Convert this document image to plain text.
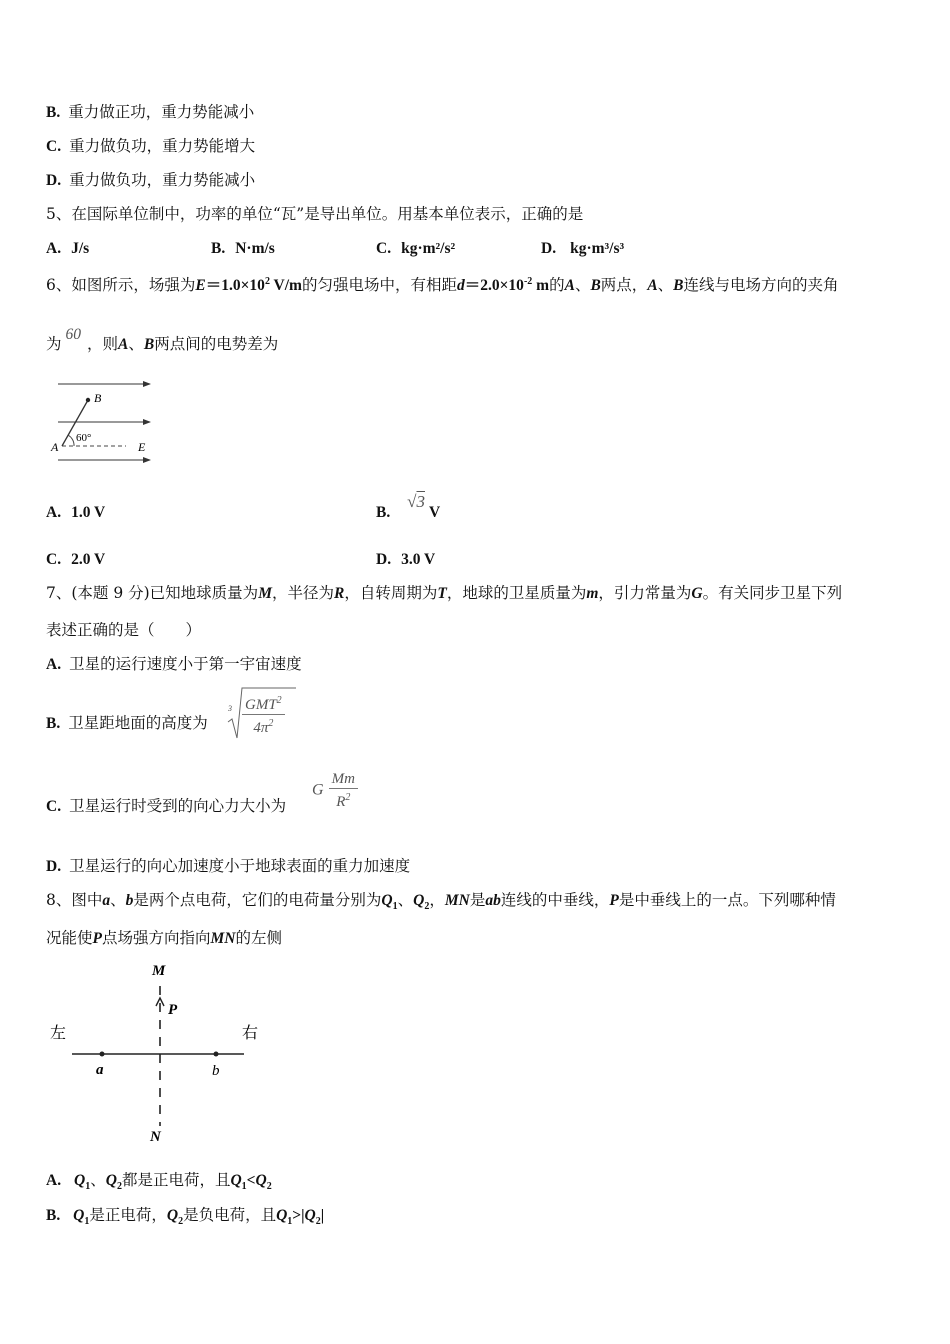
B. 重力做正功，重力势能减小
C. 重力做负功，重力势能增大
D. 重力做负功，重力势能减小
5、在国际单位制中，功率的单位“瓦”是导出单位。用基本单位表示，正确的是
A. J/s	B. N·m/s	C. kg·m²/s²	D. kg·m³/s³
6、如图所示，场强为$E=1.0\times 10^2$ V/m的匀强电场中，有相距$d=2.0\times 10^{-2}$ m的A、B两点，A、B连线与电场方向的夹角
为60，则A、B两点间的电势差为
B
A
60°
E
A. 1.0 V	B. √3V
C. 2.0 V	D. 3.0 V
7、(本题 9 分)已知地球质量为M，半径为R，自转周期为T，地球的卫星质量为m，引力常量为G。有关同步卫星下列
表述正确的是（　　）
A. 卫星的运行速度小于第一宇宙速度
B. 卫星距地面的高度为
3 GMT$^2$
$4\pi^2$
C. 卫星运行时受到的向心力大小为
G $\frac{Mm}{R^2}$
D. 卫星运行的向心加速度小于地球表面的重力加速度
8、图中a、b是两个点电荷，它们的电荷量分别为$Q_1$、$Q_2$，MN是ab连线的中垂线，P是中垂线上的一点。下列哪种情
况能使P点场强方向指向MN的左侧
M
P
左	右
a	b
N
A. $Q_1$、$Q_2$都是正电荷，且$Q_1<Q_2$
B. $Q_1$是正电荷，$Q_2$是负电荷，且$Q_1>|Q_2|$
